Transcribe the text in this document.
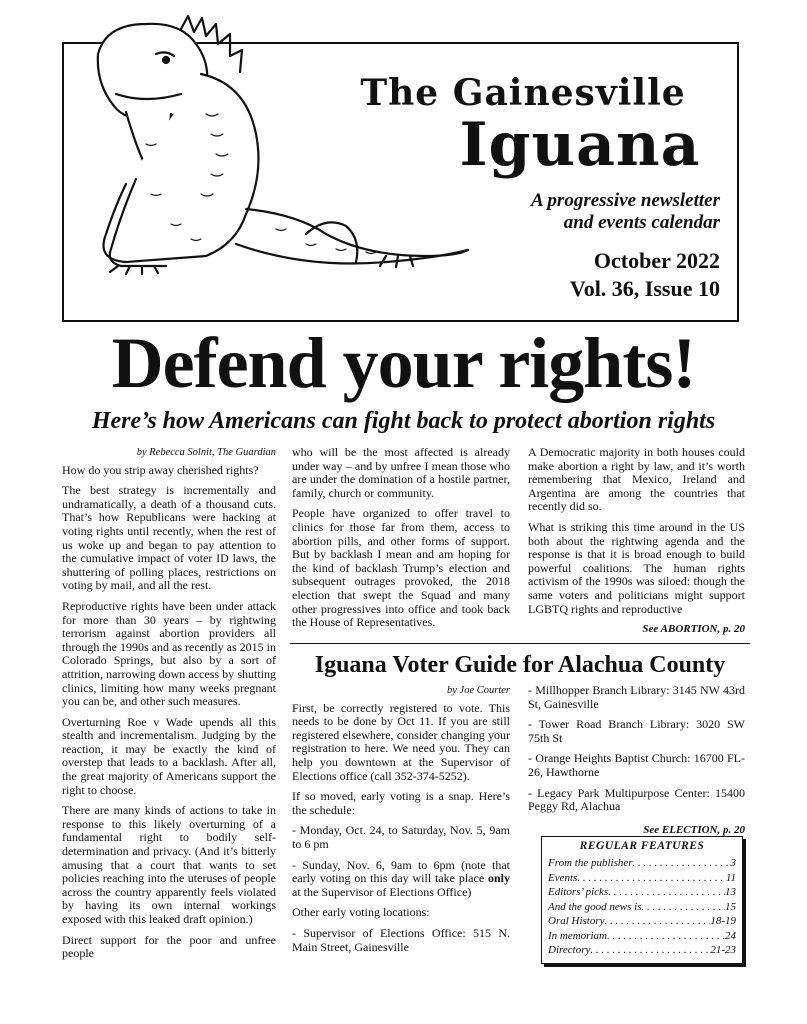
The Gainesville
Iguana
A progressive newsletter
and events calendar
October 2022
Vol. 36, Issue 10
Defend your rights!
Here’s how Americans can fight back to protect abortion rights

by Rebecca Solnit, The Guardian

How do you strip away cherished rights?

The best strategy is incrementally and undramatically, a death of a thousand cuts. That’s how Republicans were hacking at voting rights until recently, when the rest of us woke up and began to pay attention to the cumulative impact of voter ID laws, the shuttering of polling places, restrictions on voting by mail, and all the rest.

Reproductive rights have been under attack for more than 30 years – by rightwing terrorism against abortion providers all through the 1990s and as recently as 2015 in Colorado Springs, but also by a sort of attrition, narrowing down access by shutting clinics, limiting how many weeks pregnant you can be, and other such measures.

Overturning Roe v Wade upends all this stealth and incrementalism. Judging by the reaction, it may be exactly the kind of overstep that leads to a backlash. After all, the great majority of Americans support the right to choose.

There are many kinds of actions to take in response to this likely overturning of a fundamental right to bodily self-determination and privacy. (And it’s bitterly amusing that a court that wants to set policies reaching into the uteruses of people across the country apparently feels violated by having its own internal workings exposed with this leaked draft opinion.)

Direct support for the poor and unfree people

who will be the most affected is already under way – and by unfree I mean those who are under the domination of a hostile partner, family, church or community.

People have organized to offer travel to clinics for those far from them, access to abortion pills, and other forms of support. But by backlash I mean and am hoping for the kind of backlash Trump’s election and subsequent outrages provoked, the 2018 election that swept the Squad and many other progressives into office and took back the House of Representatives.

A Democratic majority in both houses could make abortion a right by law, and it’s worth remembering that Mexico, Ireland and Argentina are among the countries that recently did so.

What is striking this time around in the US both about the rightwing agenda and the response is that it is broad enough to build powerful coalitions. The human rights activism of the 1990s was siloed: though the same voters and politicians might support LGBTQ rights and reproductive

See ABORTION, p. 20

Iguana Voter Guide for Alachua County

by Joe Courter

First, be correctly registered to vote. This needs to be done by Oct 11. If you are still registered elsewhere, consider changing your registration to here. We need you. They can help you downtown at the Supervisor of Elections office (call 352-374-5252).

If so moved, early voting is a snap. Here’s the schedule:

- Monday, Oct. 24, to Saturday, Nov. 5, 9am to 6 pm

- Sunday, Nov. 6, 9am to 6pm (note that early voting on this day will take place only at the Supervisor of Elections Office)

Other early voting locations:

- Supervisor of Elections Office: 515 N. Main Street, Gainesville

- Millhopper Branch Library: 3145 NW 43rd St, Gainesville

- Tower Road Branch Library: 3020 SW 75th St

- Orange Heights Baptist Church: 16700 FL-26, Hawthorne

- Legacy Park Multipurpose Center: 15400 Peggy Rd, Alachua

See ELECTION, p. 20

REGULAR FEATURES
From the publisher . . .	3
Events . . .	11
Editors’ picks . . .	13
And the good news is . . .	15
Oral History . . .	18-19
In memoriam . . .	24
Directory . . .	21-23
